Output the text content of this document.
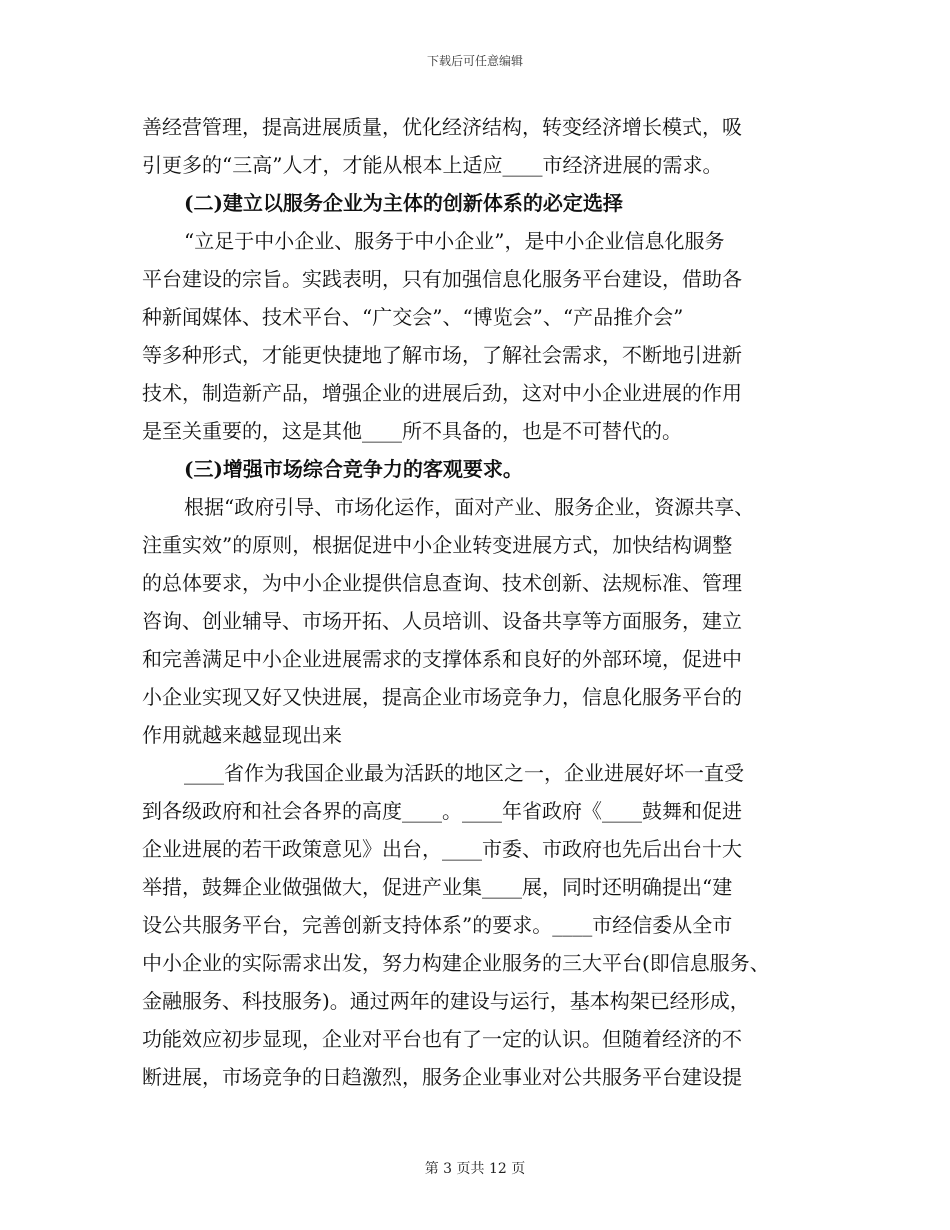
下载后可任意编辑
善经营管理，提高进展质量，优化经济结构，转变经济增长模式，吸
引更多的“三高”人才，才能从根本上适应____市经济进展的需求。
(二)建立以服务企业为主体的创新体系的必定选择
“立足于中小企业、服务于中小企业”，是中小企业信息化服务
平台建设的宗旨。实践表明，只有加强信息化服务平台建设，借助各
种新闻媒体、技术平台、“广交会”、“博览会”、“产品推介会”
等多种形式，才能更快捷地了解市场，了解社会需求，不断地引进新
技术，制造新产品，增强企业的进展后劲，这对中小企业进展的作用
是至关重要的，这是其他____所不具备的，也是不可替代的。
(三)增强市场综合竞争力的客观要求。
根据“政府引导、市场化运作，面对产业、服务企业，资源共享、
注重实效”的原则，根据促进中小企业转变进展方式，加快结构调整
的总体要求，为中小企业提供信息查询、技术创新、法规标准、管理
咨询、创业辅导、市场开拓、人员培训、设备共享等方面服务，建立
和完善满足中小企业进展需求的支撑体系和良好的外部环境，促进中
小企业实现又好又快进展，提高企业市场竞争力，信息化服务平台的
作用就越来越显现出来
____省作为我国企业最为活跃的地区之一，企业进展好坏一直受
到各级政府和社会各界的高度____。____年省政府《____鼓舞和促进
企业进展的若干政策意见》出台，____市委、市政府也先后出台十大
举措，鼓舞企业做强做大，促进产业集____展，同时还明确提出“建
设公共服务平台，完善创新支持体系”的要求。____市经信委从全市
中小企业的实际需求出发，努力构建企业服务的三大平台(即信息服务、
金融服务、科技服务)。通过两年的建设与运行，基本构架已经形成，
功能效应初步显现，企业对平台也有了一定的认识。但随着经济的不
断进展，市场竞争的日趋激烈，服务企业事业对公共服务平台建设提
第 3 页共 12 页
